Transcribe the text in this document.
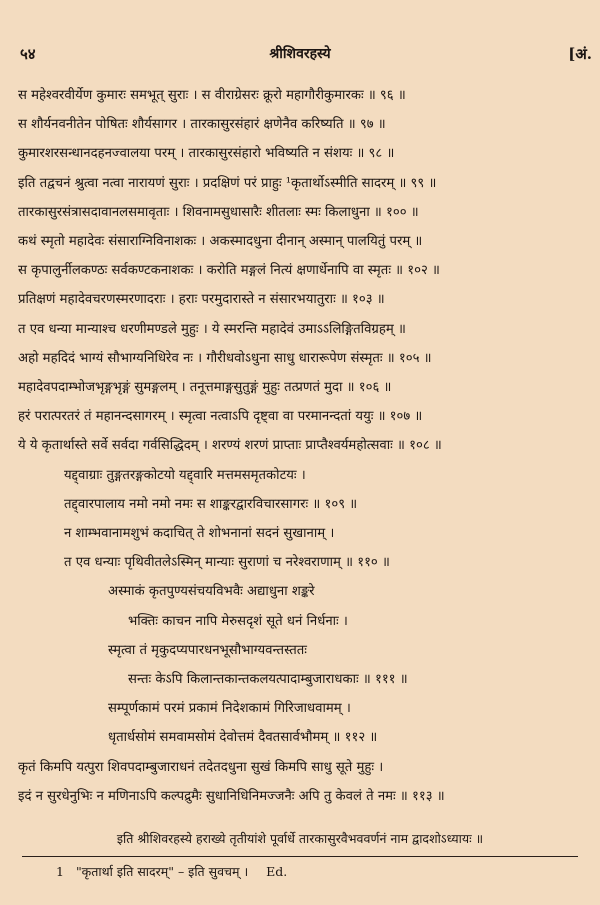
५४	श्रीशिवरहस्ये	[अं.
स महेश्वरवीर्येण कुमारः समभूत् सुराः । स वीराग्रेसरः क्रूरो महागौरीकुमारकः ॥ ९६ ॥
स शौर्यनवनीतेन पोषितः शौर्यसागर । तारकासुरसंहारं क्षणेनैव करिष्यति ॥ ९७ ॥
कुमारशरसन्धानदहनज्वालया परम् । तारकासुरसंहारो भविष्यति न संशयः ॥ ९८ ॥
इति तद्वचनं श्रुत्वा नत्वा नारायणं सुराः । प्रदक्षिणं परं प्राहुः ¹कृतार्थोऽस्मीति सादरम् ॥ ९९ ॥
तारकासुरसंत्रासदावानलसमावृताः । शिवनामसुधासारैः शीतलाः स्मः किलाधुना ॥ १०० ॥
कथं स्मृतो महादेवः संसाराग्निविनाशकः । अकस्मादधुना दीनान् अस्मान् पालयितुं परम् ॥
स कृपालुर्नीलकण्ठः सर्वकण्टकनाशकः । करोति मङ्गलं नित्यं क्षणार्धेनापि वा स्मृतः ॥ १०२ ॥
प्रतिक्षणं महादेवचरणस्मरणादराः । हराः परमुदारास्ते न संसारभयातुराः ॥ १०३ ॥
त एव धन्या मान्याश्च धरणीमण्डले मुहुः । ये स्मरन्ति महादेवं उमाऽऽलिङ्गितविग्रहम् ॥
अहो महदिदं भाग्यं सौभाग्यनिधिरेव नः । गौरीधवोऽधुना साधु धारारूपेण संस्मृतः ॥ १०५ ॥
महादेवपदाम्भोजभृङ्गभृङ्गं सुमङ्गलम् । तनूत्तमाङ्गसुतुङ्गं मुहुः तत्प्रणतं मुदा ॥ १०६ ॥
हरं परात्परतरं तं महानन्दसागरम् । स्मृत्वा नत्वाऽपि दृष्ट्वा वा परमानन्दतां ययुः ॥ १०७ ॥
ये ये कृतार्थास्ते सर्वे सर्वदा गर्वसिद्धिदम् । शरण्यं शरणं प्राप्ताः प्राप्तैश्वर्यमहोत्सवाः ॥ १०८ ॥
यद्द्वाग्राः तुङ्गतरङ्गकोटयो यद्द्वारि मत्तमसमृतकोटयः ।
तद्द्वारपालाय नमो नमो नमः स शाङ्करद्वारविचारसागरः ॥ १०९ ॥
न शाम्भवानामशुभं कदाचित् ते शोभनानां सदनं सुखानाम् ।
त एव धन्याः पृथिवीतलेऽस्मिन् मान्याः सुराणां च नरेश्वराणाम् ॥ ११० ॥
अस्माकं कृतपुण्यसंचयविभवैः अद्याधुना शङ्करे
भक्तिः काचन नापि मेरुसदृशं सूते धनं निर्धनाः ।
स्मृत्वा तं मृकुदप्यपारधनभूसौभाग्यवन्तस्ततः
सन्तः केऽपि किलान्तकान्तकलयत्पादाम्बुजाराधकाः ॥ १११ ॥
सम्पूर्णकामं परमं प्रकामं निदेशकामं गिरिजाधवामम् ।
धृतार्धसोमं समवामसोमं देवोत्तमं दैवतसार्वभौमम् ॥ ११२ ॥
कृतं किमपि यत्पुरा शिवपदाम्बुजाराधनं तदेतदधुना सुखं किमपि साधु सूते मुहुः ।
इदं न सुरधेनुभिः न मणिनाऽपि कल्पद्रुमैः सुधानिधिनिमज्जनैः अपि तु केवलं ते नमः ॥ ११३ ॥
इति श्रीशिवरहस्ये हराख्ये तृतीयांशे पूर्वार्धे तारकासुरवैभववर्णनं नाम द्वादशोऽध्यायः ॥
1 "कृतार्था इति सादरम्" – इति सुवचम् । Ed.
